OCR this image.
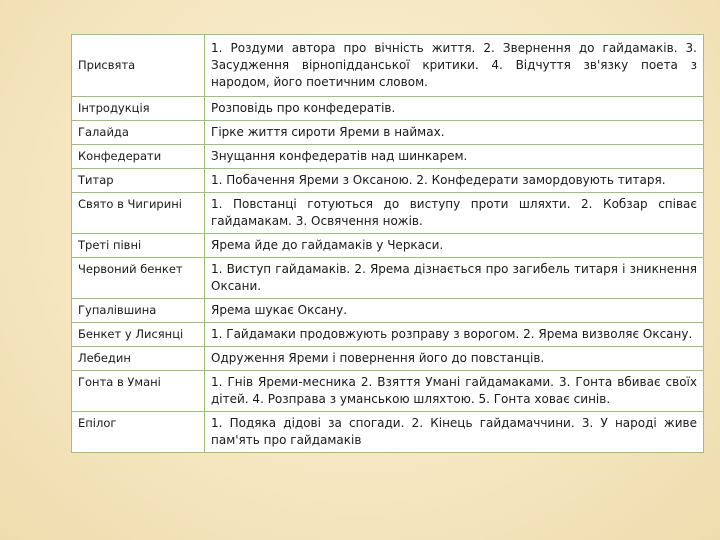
Присвята	1. Роздуми автора про вічність життя. 2. Звернення до гайдамаків. 3. Засудження вірнопідданської критики. 4. Відчуття зв'язку поета з народом, його поетичним словом.
Інтродукція	Розповідь про конфедератів.
Галайда	Гірке життя сироти Яреми в наймах.
Конфедерати	Знущання конфедератів над шинкарем.
Титар	1. Побачення Яреми з Оксаною. 2. Конфедерати замордовують титаря.
Свято в Чигирині	1. Повстанці готуються до виступу проти шляхти. 2. Кобзар співає гайдамакам. 3. Освячення ножів.
Треті півні	Ярема йде до гайдамаків у Черкаси.
Червоний бенкет	1. Виступ гайдамаків. 2. Ярема дізнається про загибель титаря і зникнення Оксани.
Гупалівшина	Ярема шукає Оксану.
Бенкет у Лисянці	1. Гайдамаки продовжують розправу з ворогом. 2. Ярема визволяє Оксану.
Лебедин	Одруження Яреми і повернення його до повстанців.
Гонта в Умані	1. Гнів Яреми-месника 2. Взяття Умані гайдамаками. 3. Гонта вбиває своїх дітей. 4. Розправа з уманською шляхтою. 5. Гонта ховає синів.
Епілог	1. Подяка дідові за спогади. 2. Кінець гайдамаччини. 3. У народі живе пам'ять про гайдамаків
